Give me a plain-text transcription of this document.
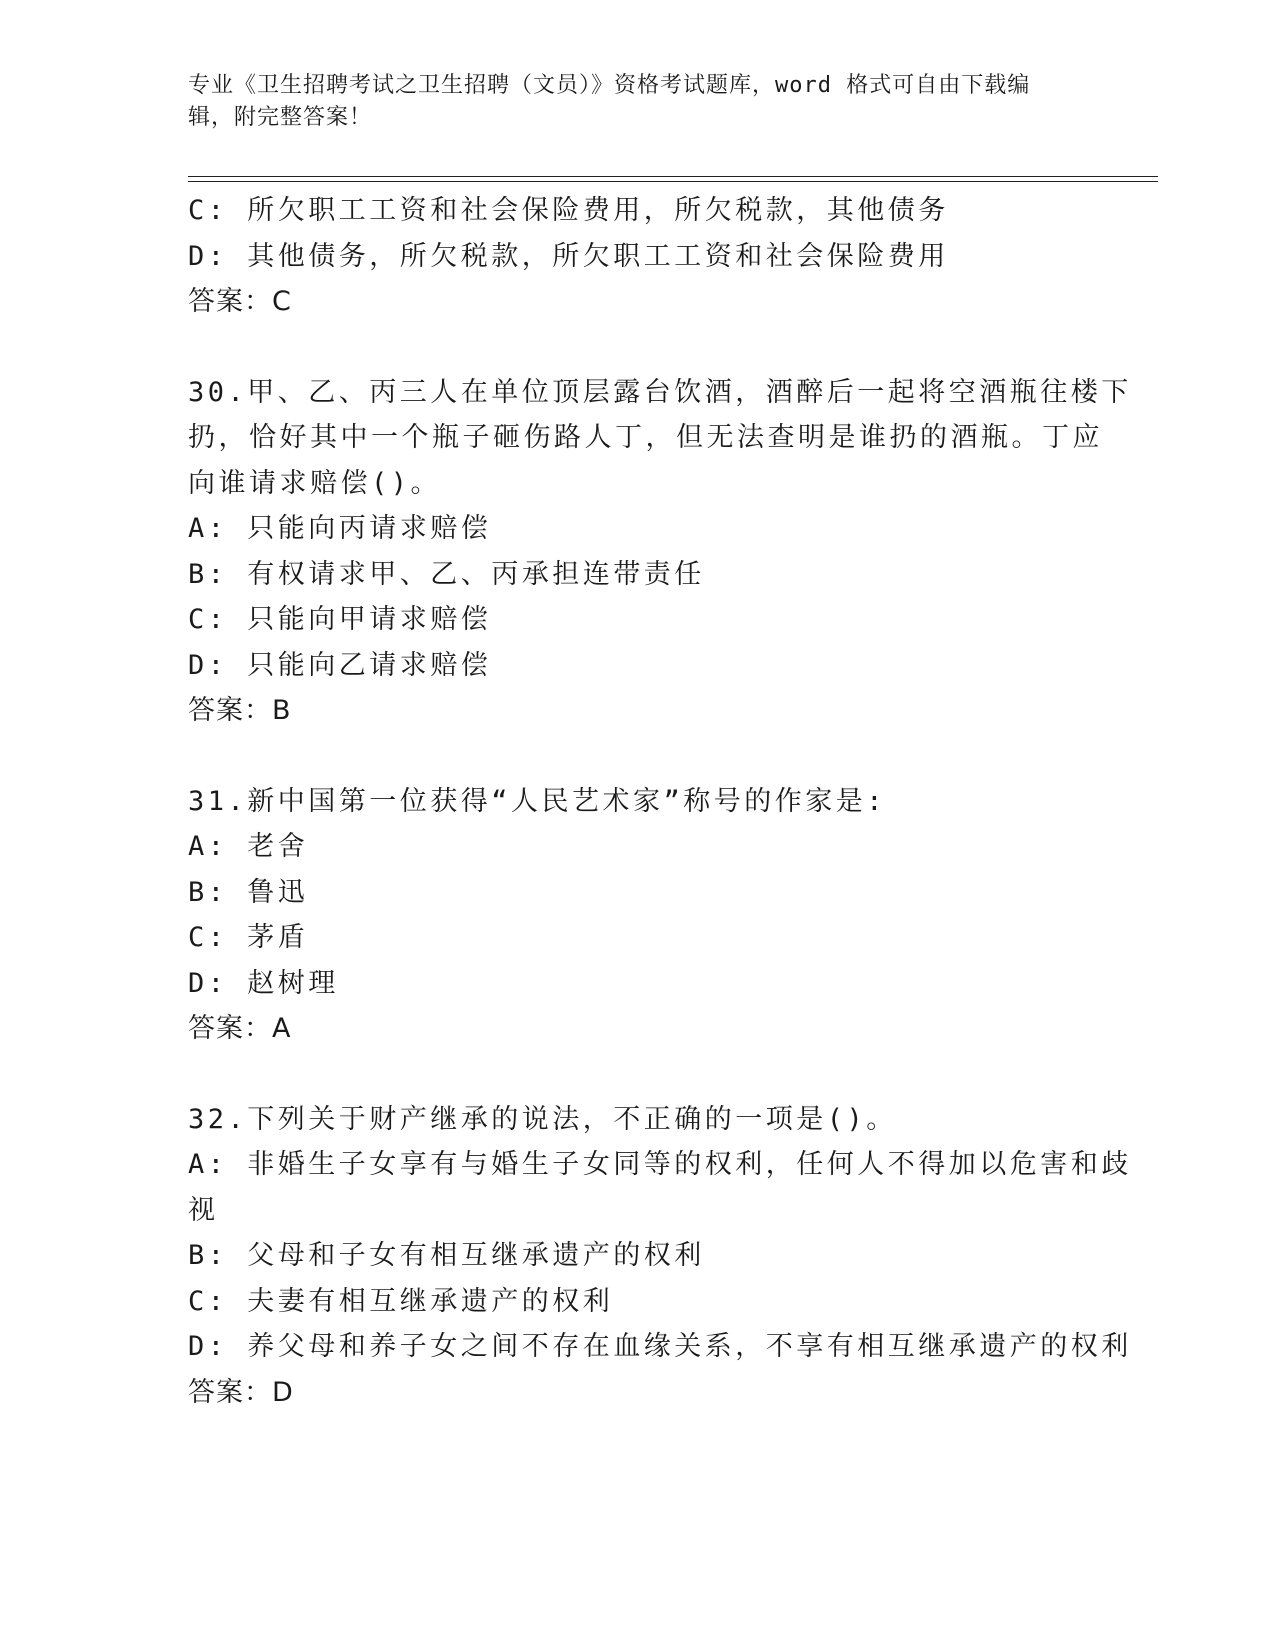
专业《卫生招聘考试之卫生招聘（文员）》资格考试题库，word 格式可自由下载编辑，附完整答案！
C: 所欠职工工资和社会保险费用，所欠税款，其他债务
D: 其他债务，所欠税款，所欠职工工资和社会保险费用
答案：C
30.甲、乙、丙三人在单位顶层露台饮酒，酒醉后一起将空酒瓶往楼下
扔，恰好其中一个瓶子砸伤路人丁，但无法查明是谁扔的酒瓶。丁应
向谁请求赔偿()。
A: 只能向丙请求赔偿
B: 有权请求甲、乙、丙承担连带责任
C: 只能向甲请求赔偿
D: 只能向乙请求赔偿
答案：B
31.新中国第一位获得“人民艺术家”称号的作家是:
A: 老舍
B: 鲁迅
C: 茅盾
D: 赵树理
答案：A
32.下列关于财产继承的说法，不正确的一项是()。
A: 非婚生子女享有与婚生子女同等的权利，任何人不得加以危害和歧
视
B: 父母和子女有相互继承遗产的权利
C: 夫妻有相互继承遗产的权利
D: 养父母和养子女之间不存在血缘关系，不享有相互继承遗产的权利
答案：D
